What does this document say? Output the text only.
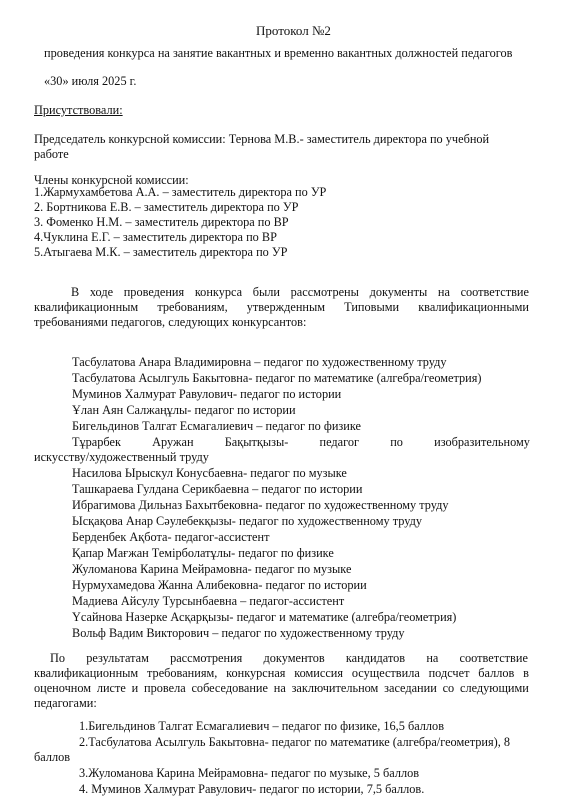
Протокол №2
проведения конкурса на занятие вакантных и временно вакантных должностей педагогов
«30» июля 2025 г.
Присутствовали:
Председатель конкурсной комиссии: Тернова М.В.- заместитель директора по учебной
работе
Члены конкурсной комиссии:
1.Жармухамбетова А.А. – заместитель директора по УР
2. Бортникова Е.В. – заместитель директора по УР
3. Фоменко Н.М. – заместитель директора по ВР
4.Чуклина Е.Г. – заместитель директора по ВР
5.Атыгаева М.К. – заместитель директора по УР
В ходе проведения конкурса были рассмотрены документы на соответствие
квалификационным требованиям, утвержденным Типовыми квалификационными
требованиями педагогов, следующих конкурсантов:
Тасбулатова Анара Владимировна – педагог по художественному труду
Тасбулатова Асылгуль Бакытовна- педагог по математике (алгебра/геометрия)
Муминов Халмурат Равулович- педагог по истории
Ұлан Аян Салжаңұлы- педагог по истории
Бигельдинов Талгат Есмагалиевич – педагог по физике
Тұрарбек	Аружан	Бақытқызы-	педагог	по	изобразительному
искусству/художественный труду
Насилова Ырыскул Конусбаевна- педагог по музыке
Ташкараева Гулдана Серикбаевна – педагог по истории
Ибрагимова Дильназ Бахытбековна- педагог по художественному труду
Ысқақова Анар Сәулебекқызы- педагог по художественному труду
Берденбек Ақбота- педагог-ассистент
Қапар Мағжан Темірболатұлы- педагог по физике
Жуломанова Карина Мейрамовна- педагог по музыке
Нурмухамедова Жанна Алибековна- педагог по истории
Мадиева Айсулу Турсынбаевна – педагог-ассистент
Үсайнова Назерке Асқарқызы- педагог и математике (алгебра/геометрия)
Вольф Вадим Викторович – педагог по художественному труду
По результатам рассмотрения документов кандидатов на соответствие
квалификационным требованиям, конкурсная комиссия осуществила подсчет баллов в
оценочном листе и провела собеседование на заключительном заседании со следующими
педагогами:
1.Бигельдинов Талгат Есмагалиевич – педагог по физике, 16,5 баллов
2.Тасбулатова Асылгуль Бакытовна- педагог по математике (алгебра/геометрия), 8
баллов
3.Жуломанова Карина Мейрамовна- педагог по музыке, 5 баллов
4. Муминов Халмурат Равулович- педагог по истории, 7,5 баллов.
